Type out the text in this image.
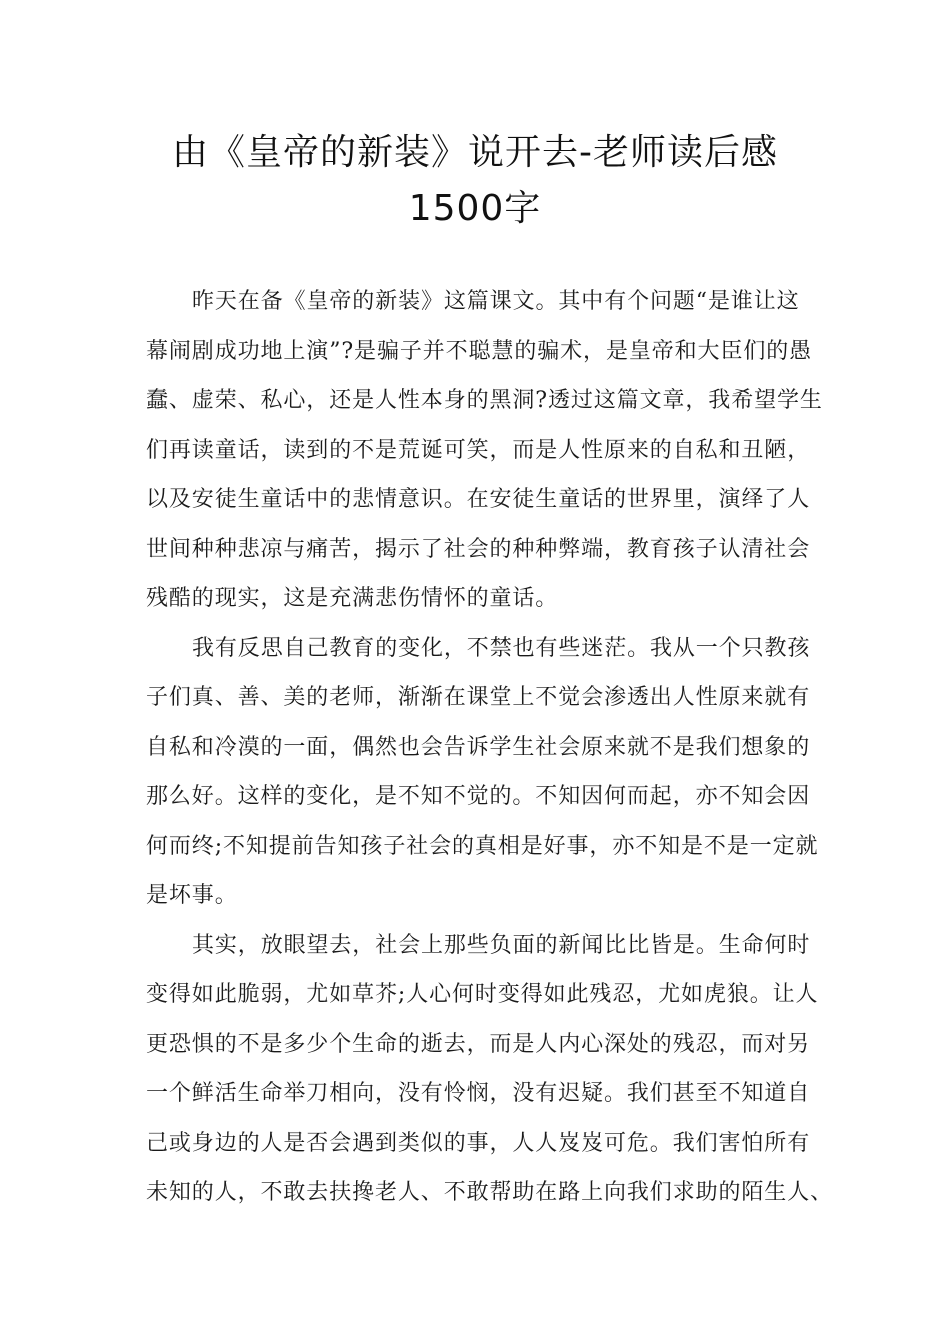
由《皇帝的新装》说开去-老师读后感
1500字
昨天在备《皇帝的新装》这篇课文。其中有个问题“是谁让这
幕闹剧成功地上演”?是骗子并不聪慧的骗术，是皇帝和大臣们的愚
蠢、虚荣、私心，还是人性本身的黑洞?透过这篇文章，我希望学生
们再读童话，读到的不是荒诞可笑，而是人性原来的自私和丑陋，
以及安徒生童话中的悲情意识。在安徒生童话的世界里，演绎了人
世间种种悲凉与痛苦，揭示了社会的种种弊端，教育孩子认清社会
残酷的现实，这是充满悲伤情怀的童话。
我有反思自己教育的变化，不禁也有些迷茫。我从一个只教孩
子们真、善、美的老师，渐渐在课堂上不觉会渗透出人性原来就有
自私和冷漠的一面，偶然也会告诉学生社会原来就不是我们想象的
那么好。这样的变化，是不知不觉的。不知因何而起，亦不知会因
何而终;不知提前告知孩子社会的真相是好事，亦不知是不是一定就
是坏事。
其实，放眼望去，社会上那些负面的新闻比比皆是。生命何时
变得如此脆弱，尤如草芥;人心何时变得如此残忍，尤如虎狼。让人
更恐惧的不是多少个生命的逝去，而是人内心深处的残忍，而对另
一个鲜活生命举刀相向，没有怜悯，没有迟疑。我们甚至不知道自
己或身边的人是否会遇到类似的事，人人岌岌可危。我们害怕所有
未知的人，不敢去扶搀老人、不敢帮助在路上向我们求助的陌生人、
